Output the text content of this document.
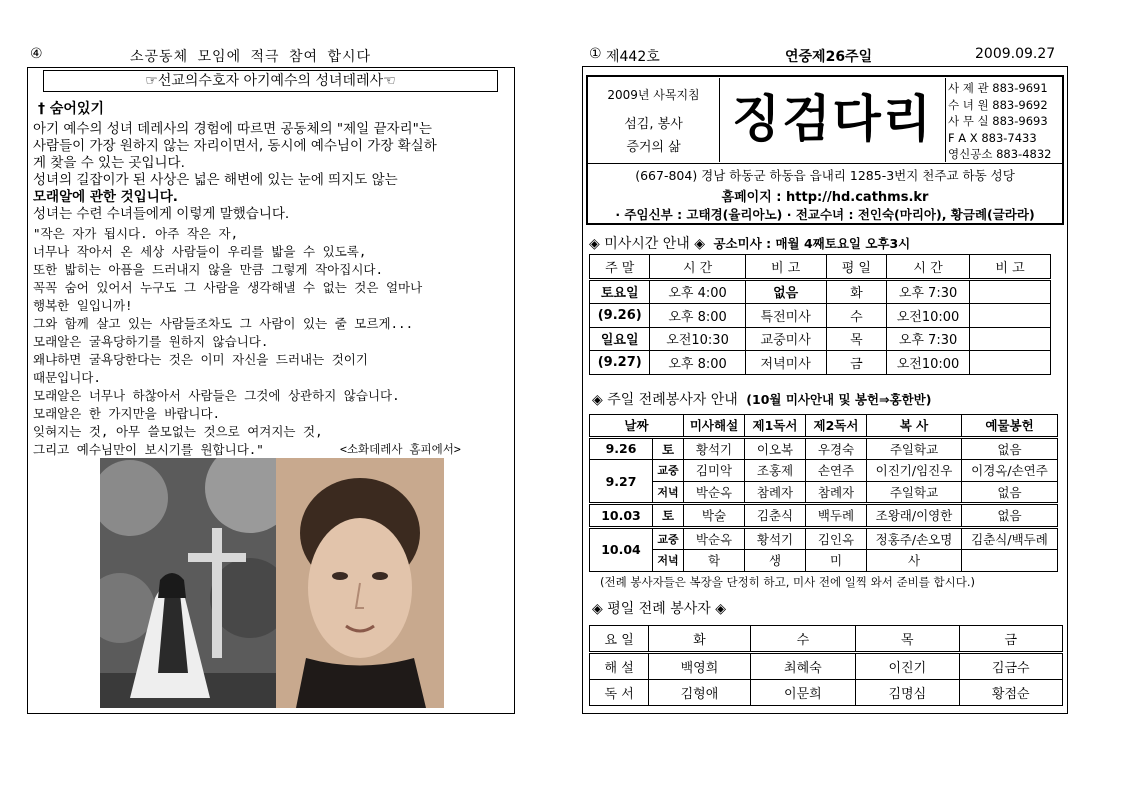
④	소공동체 모임에 적극 참여 합시다
☞선교의수호자 아기예수의 성녀데레사☜
† 숨어있기
아기 예수의 성녀 데레사의 경험에 따르면 공동체의 "제일 끝자리"는
사람들이 가장 원하지 않는 자리이면서, 동시에 예수님이 가장 확실하
게 찾을 수 있는 곳입니다.
성녀의 길잡이가 된 사상은 넓은 해변에 있는 눈에 띄지도 않는
모래알에 관한 것입니다.
성녀는 수련 수녀들에게 이렇게 말했습니다.
"작은 자가 됩시다. 아주 작은 자,
너무나 작아서 온 세상 사람들이 우리를 밟을 수 있도록,
또한 밟히는 아픔을 드러내지 않을 만큼 그렇게 작아집시다.
꼭꼭 숨어 있어서 누구도 그 사람을 생각해낼 수 없는 것은 얼마나
행복한 일입니까!
그와 함께 살고 있는 사람들조차도 그 사람이 있는 줄 모르게...
모래알은 굴욕당하기를 원하지 않습니다.
왜냐하면 굴욕당한다는 것은 이미 자신을 드러내는 것이기
때문입니다.
모래알은 너무나 하찮아서 사람들은 그것에 상관하지 않습니다.
모래알은 한 가지만을 바랍니다.
잊혀지는 것, 아무 쓸모없는 것으로 여겨지는 것,
그리고 예수님만이 보시기를 원합니다."	<소화데레사 홈피에서>
① 제442호	연중제26주일	2009.09.27
2009년 사목지침
섬김, 봉사
증거의 삶	징검다리
사 제 관 883-9691
수 녀 원 883-9692
사 무 실 883-9693
F A X 883-7433
영신공소 883-4832
(667-804) 경남 하동군 하동읍 읍내리 1285-3번지 천주교 하동 성당
홈페이지 : http://hd.cathms.kr
· 주임신부 : 고태경(율리아노) · 전교수녀 : 전인숙(마리아), 황금례(글라라)
◈ 미사시간 안내 ◈ 공소미사 : 매월 4째토요일 오후3시
주 말	시 간	비 고	평 일	시 간	비 고
토요일	오후 4:00	없음	화	오후 7:30	
(9.26)	오후 8:00	특전미사	수	오전10:00	
일요일	오전10:30	교중미사	목	오후 7:30	
(9.27)	오후 8:00	저녁미사	금	오전10:00	
◈ 주일 전례봉사자 안내 (10월 미사안내 및 봉헌⇒홍한반)
날짜		미사해설	제1독서	제2독서	복 사	예물봉헌
9.26	토	황석기	이오복	우경숙	주일학교	없음
9.27	교중	김미악	조홍제	손연주	이진기/임진우	이경옥/손연주
	저녁	박순옥	참례자	참례자	주일학교	없음
10.03	토	박술	김춘식	백두례	조왕래/이영한	없음
10.04	교중	박순옥	황석기	김인옥	정홍주/손오명	김춘식/백두례
	저녁	학	생	미	사	
(전례 봉사자들은 복장을 단정히 하고, 미사 전에 일찍 와서 준비를 합시다.)
◈ 평일 전례 봉사자 ◈
요 일	화	수	목	금
해 설	백영희	최혜숙	이진기	김금수
독 서	김형애	이문희	김명심	황점순
